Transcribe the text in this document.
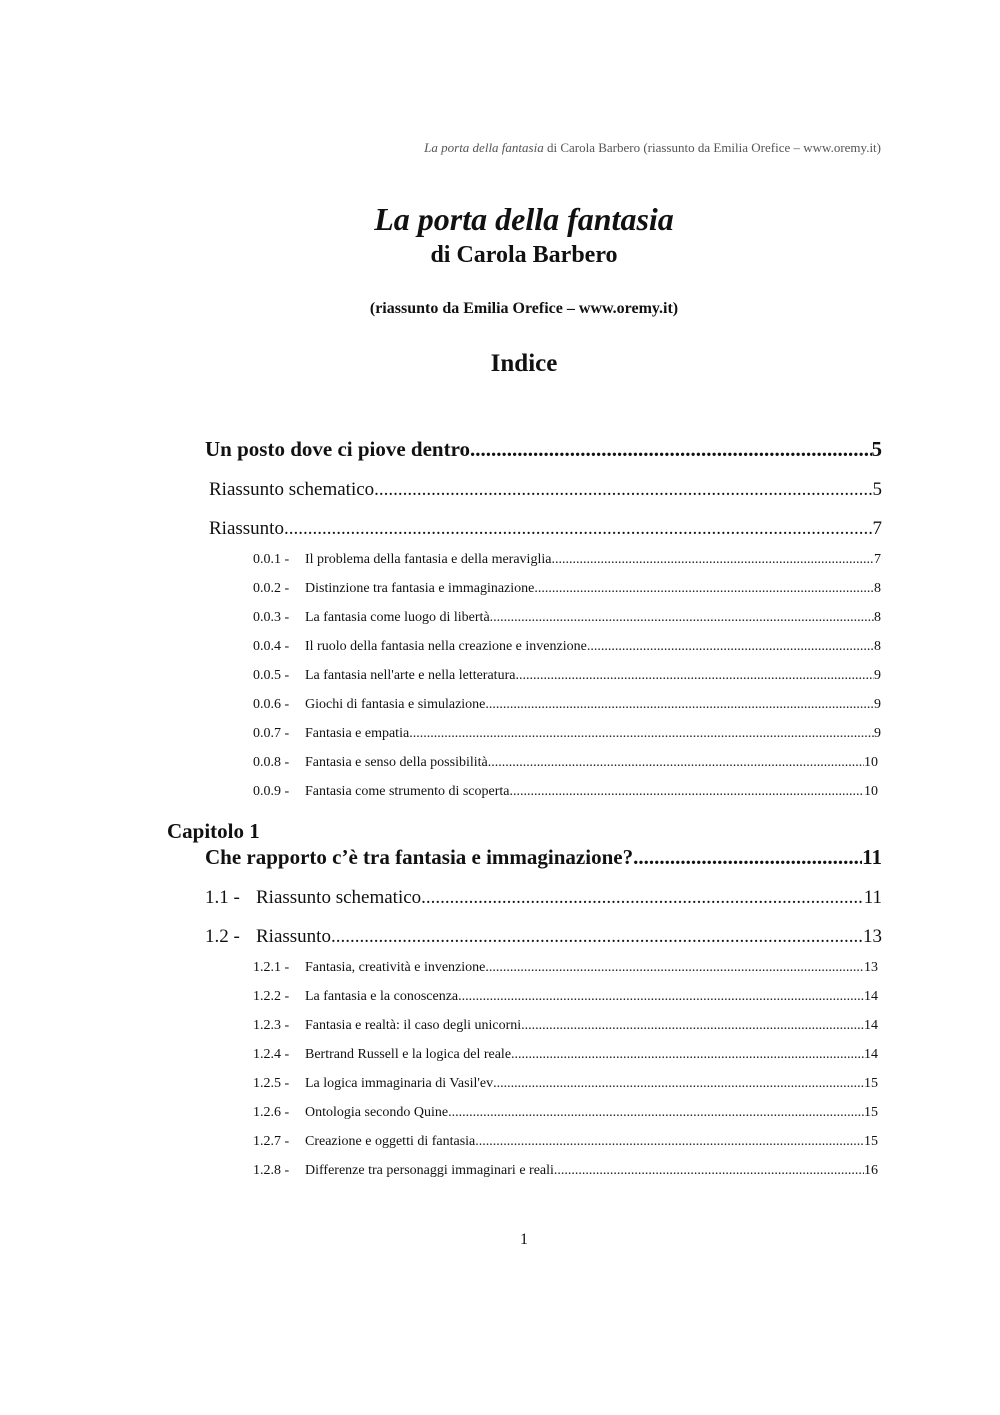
La porta della fantasia di Carola Barbero (riassunto da Emilia Orefice – www.oremy.it)
La porta della fantasia
di Carola Barbero
(riassunto da Emilia Orefice – www.oremy.it)
Indice
Un posto dove ci piove dentro .....	5
Riassunto schematico .....	5
Riassunto .....	7
0.0.1 -	Il problema della fantasia e della meraviglia .....	7
0.0.2 -	Distinzione tra fantasia e immaginazione .....	8
0.0.3 -	La fantasia come luogo di libertà .....	8
0.0.4 -	Il ruolo della fantasia nella creazione e invenzione .....	8
0.0.5 -	La fantasia nell'arte e nella letteratura .....	9
0.0.6 -	Giochi di fantasia e simulazione .....	9
0.0.7 -	Fantasia e empatia .....	9
0.0.8 -	Fantasia e senso della possibilità .....	10
0.0.9 -	Fantasia come strumento di scoperta .....	10
Capitolo 1
Che rapporto c’è tra fantasia e immaginazione? .....	11
1.1 - Riassunto schematico .....	11
1.2 - Riassunto .....	13
1.2.1 -	Fantasia, creatività e invenzione .....	13
1.2.2 -	La fantasia e la conoscenza .....	14
1.2.3 -	Fantasia e realtà: il caso degli unicorni .....	14
1.2.4 -	Bertrand Russell e la logica del reale .....	14
1.2.5 -	La logica immaginaria di Vasil'ev .....	15
1.2.6 -	Ontologia secondo Quine .....	15
1.2.7 -	Creazione e oggetti di fantasia .....	15
1.2.8 -	Differenze tra personaggi immaginari e reali .....	16
1
